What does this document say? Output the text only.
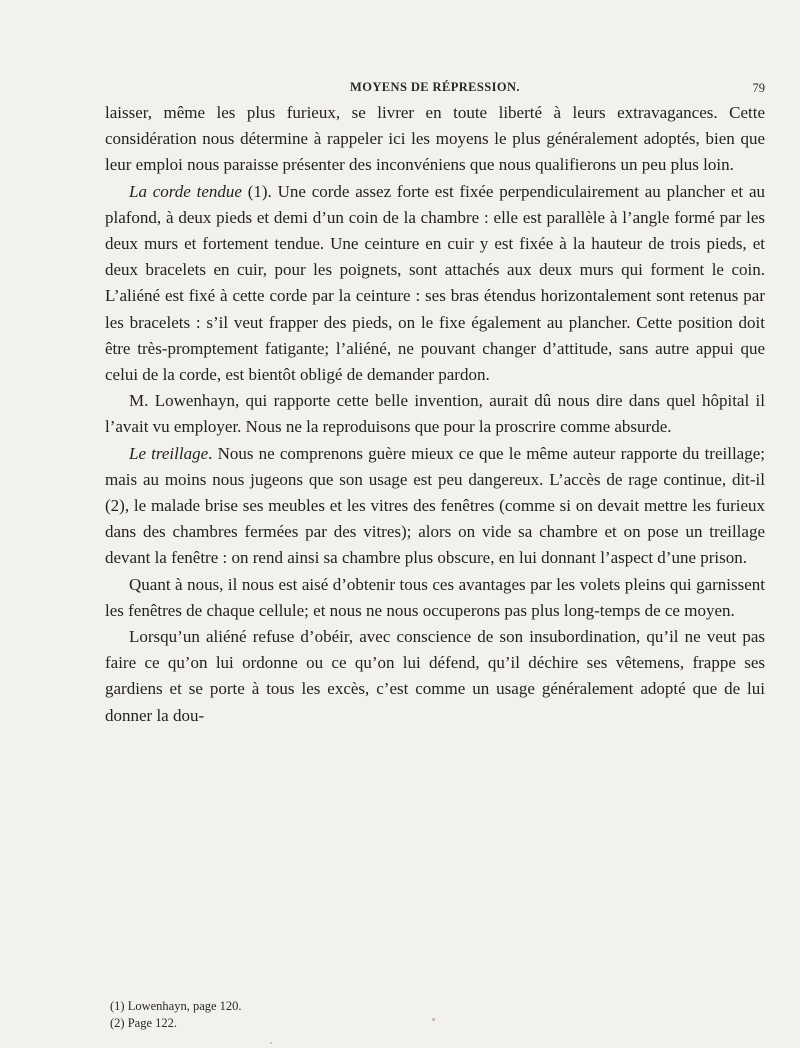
MOYENS DE RÉPRESSION.	79

laisser, même les plus furieux, se livrer en toute liberté à leurs extravagances. Cette considération nous détermine à rappeler ici les moyens le plus généralement adoptés, bien que leur emploi nous paraisse présenter des inconvéniens que nous qualifierons un peu plus loin.

La corde tendue (1). Une corde assez forte est fixée perpendiculairement au plancher et au plafond, à deux pieds et demi d’un coin de la chambre : elle est parallèle à l’angle formé par les deux murs et fortement tendue. Une ceinture en cuir y est fixée à la hauteur de trois pieds, et deux bracelets en cuir, pour les poignets, sont attachés aux deux murs qui forment le coin. L’aliéné est fixé à cette corde par la ceinture : ses bras étendus horizontalement sont retenus par les bracelets : s’il veut frapper des pieds, on le fixe également au plancher. Cette position doit être très-promptement fatigante; l’aliéné, ne pouvant changer d’attitude, sans autre appui que celui de la corde, est bientôt obligé de demander pardon.

M. Lowenhayn, qui rapporte cette belle invention, aurait dû nous dire dans quel hôpital il l’avait vu employer. Nous ne la reproduisons que pour la proscrire comme absurde.

Le treillage. Nous ne comprenons guère mieux ce que le même auteur rapporte du treillage; mais au moins nous jugeons que son usage est peu dangereux. L’accès de rage continue, dit-il (2), le malade brise ses meubles et les vitres des fenêtres (comme si on devait mettre les furieux dans des chambres fermées par des vitres); alors on vide sa chambre et on pose un treillage devant la fenêtre : on rend ainsi sa chambre plus obscure, en lui donnant l’aspect d’une prison.

Quant à nous, il nous est aisé d’obtenir tous ces avantages par les volets pleins qui garnissent les fenêtres de chaque cellule; et nous ne nous occuperons pas plus long-temps de ce moyen.

Lorsqu’un aliéné refuse d’obéir, avec conscience de son insubordination, qu’il ne veut pas faire ce qu’on lui ordonne ou ce qu’on lui défend, qu’il déchire ses vêtemens, frappe ses gardiens et se porte à tous les excès, c’est comme un usage généralement adopté que de lui donner la dou-

(1) Lowenhayn, page 120.
(2) Page 122.
